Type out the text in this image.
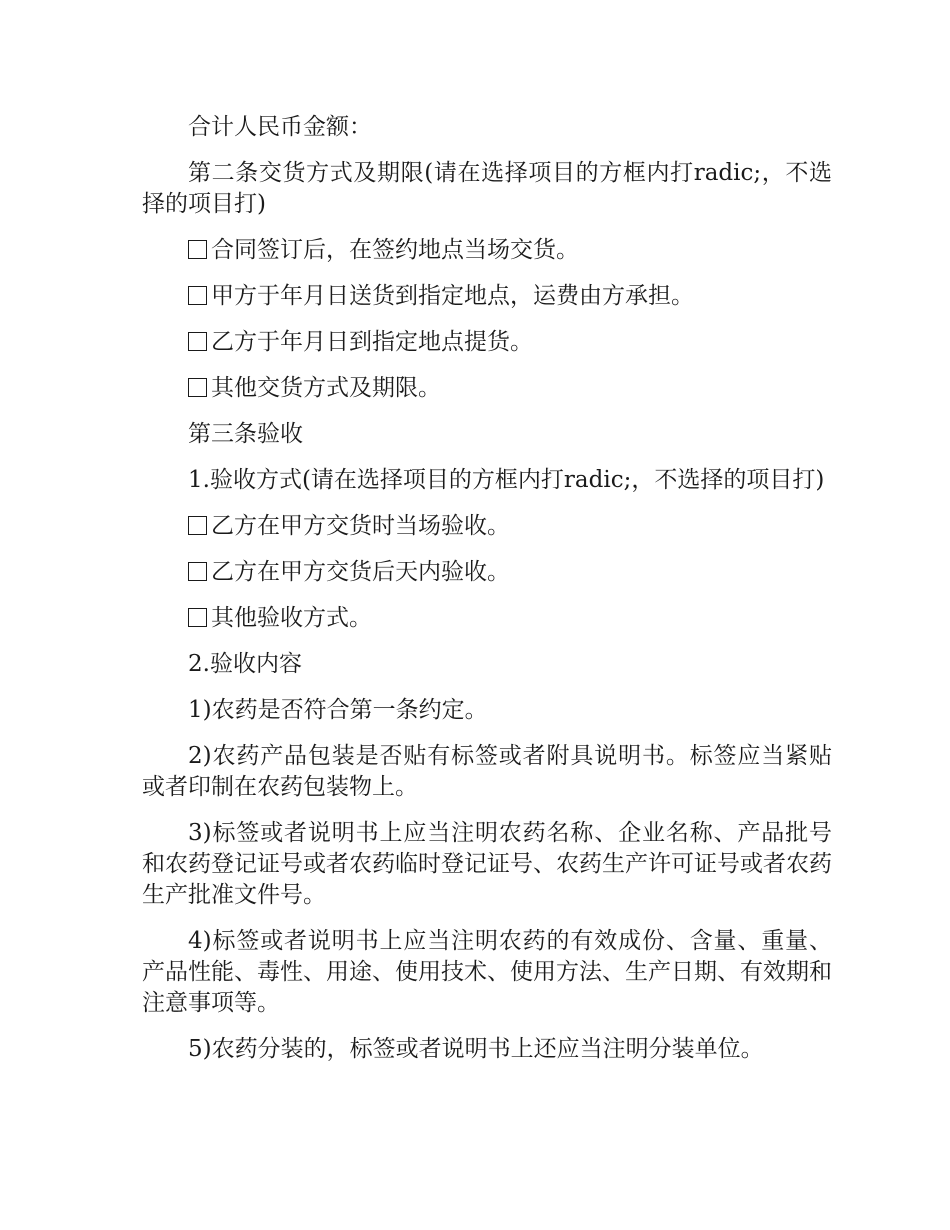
合计人民币金额：

第二条交货方式及期限(请在选择项目的方框内打radic;，不选择的项目打)

合同签订后，在签约地点当场交货。

甲方于年月日送货到指定地点，运费由方承担。

乙方于年月日到指定地点提货。

其他交货方式及期限。

第三条验收

1.验收方式(请在选择项目的方框内打radic;，不选择的项目打)

乙方在甲方交货时当场验收。

乙方在甲方交货后天内验收。

其他验收方式。

2.验收内容

1)农药是否符合第一条约定。

2)农药产品包装是否贴有标签或者附具说明书。标签应当紧贴或者印制在农药包装物上。

3)标签或者说明书上应当注明农药名称、企业名称、产品批号和农药登记证号或者农药临时登记证号、农药生产许可证号或者农药生产批准文件号。

4)标签或者说明书上应当注明农药的有效成份、含量、重量、产品性能、毒性、用途、使用技术、使用方法、生产日期、有效期和注意事项等。

5)农药分装的，标签或者说明书上还应当注明分装单位。
